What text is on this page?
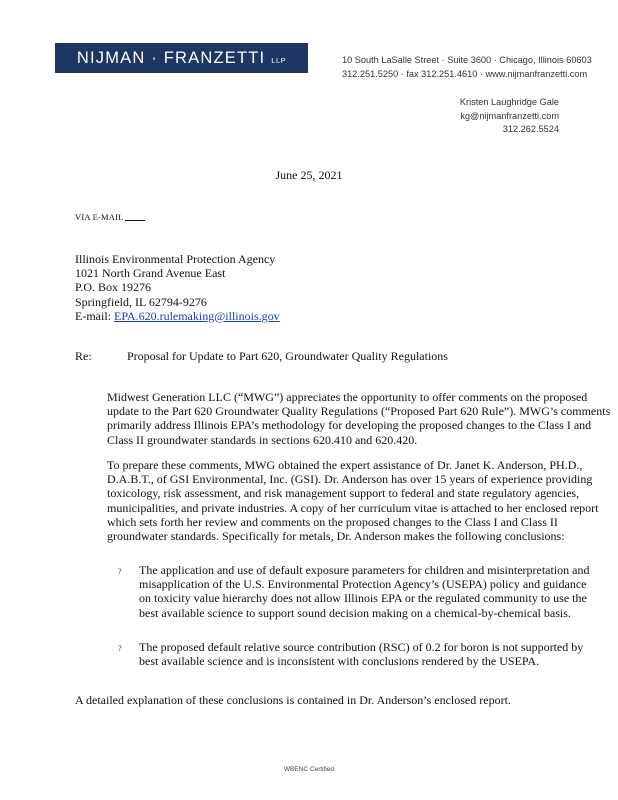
NIJMAN · FRANZETTI LLP	10 South LaSalle Street · Suite 3600 · Chicago, Illinois 60603
312.251.5250 · fax 312.251.4610 · www.nijmanfranzetti.com
Kristen Laughridge Gale
kg@nijmanfranzetti.com
312.262.5524
June 25, 2021
VIA E-MAIL
Illinois Environmental Protection Agency
1021 North Grand Avenue East
P.O. Box 19276
Springfield, IL 62794-9276
E-mail: EPA.620.rulemaking@illinois.gov
Re:	Proposal for Update to Part 620, Groundwater Quality Regulations
Midwest Generation LLC (“MWG”) appreciates the opportunity to offer comments on the proposed update to the Part 620 Groundwater Quality Regulations (“Proposed Part 620 Rule”). MWG’s comments primarily address Illinois EPA’s methodology for developing the proposed changes to the Class I and Class II groundwater standards in sections 620.410 and 620.420.
To prepare these comments, MWG obtained the expert assistance of Dr. Janet K. Anderson, PH.D., D.A.B.T., of GSI Environmental, Inc. (GSI). Dr. Anderson has over 15 years of experience providing toxicology, risk assessment, and risk management support to federal and state regulatory agencies, municipalities, and private industries. A copy of her curriculum vitae is attached to her enclosed report which sets forth her review and comments on the proposed changes to the Class I and Class II groundwater standards. Specifically for metals, Dr. Anderson makes the following conclusions:
?	The application and use of default exposure parameters for children and misinterpretation and misapplication of the U.S. Environmental Protection Agency’s (USEPA) policy and guidance on toxicity value hierarchy does not allow Illinois EPA or the regulated community to use the best available science to support sound decision making on a chemical-by-chemical basis.
?	The proposed default relative source contribution (RSC) of 0.2 for boron is not supported by best available science and is inconsistent with conclusions rendered by the USEPA.
A detailed explanation of these conclusions is contained in Dr. Anderson’s enclosed report.
WBENC Certified
